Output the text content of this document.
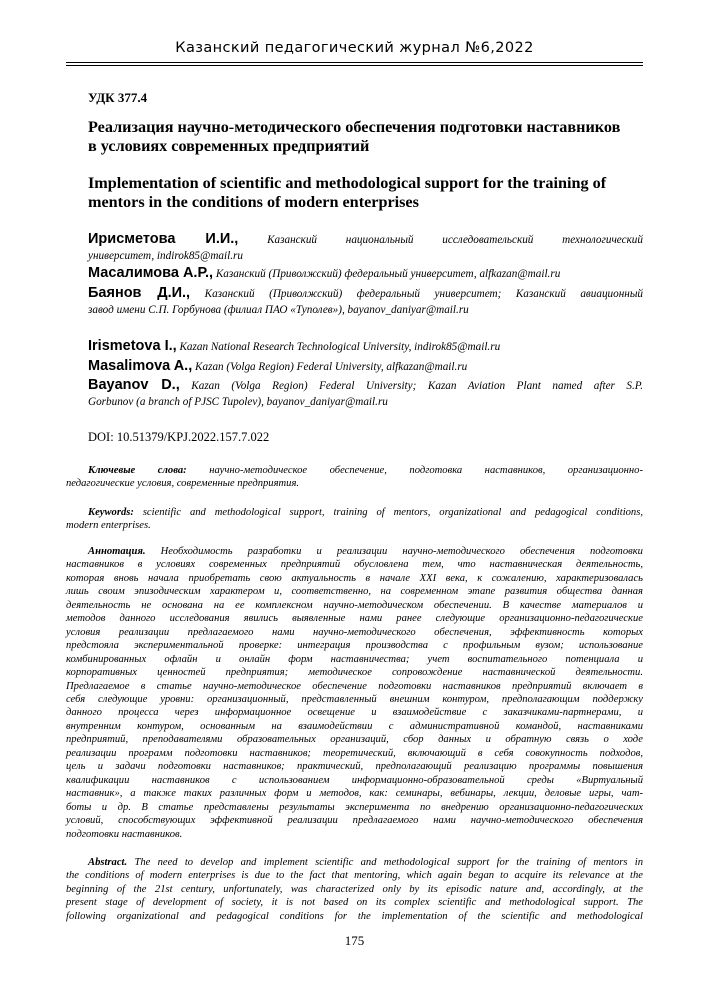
Казанский педагогический журнал №6,2022
УДК 377.4
Реализация научно-методического обеспечения подготовки наставников
в условиях современных предприятий
Implementation of scientific and methodological support for the training of
mentors in the conditions of modern enterprises
Ирисметова И.И.,	Казанский национальный исследовательский технологический
университет, indirok85@mail.ru
Масалимова А.Р., Казанский (Приволжский) федеральный университет, alfkazan@mail.ru
Баянов Д.И., Казанский (Приволжский) федеральный университет; Казанский авиационный
завод имени С.П. Горбунова (филиал ПАО «Туполев»), bayanov_daniyar@mail.ru
Irismetova I., Kazan National Research Technological University, indirok85@mail.ru
Masalimova A., Kazan (Volga Region) Federal University, alfkazan@mail.ru
Bayanov D., Kazan (Volga Region) Federal University; Kazan Aviation Plant named after S.P.
Gorbunov (a branch of PJSC Tupolev), bayanov_daniyar@mail.ru
DOI: 10.51379/KPJ.2022.157.7.022
Ключевые слова: научно-методическое обеспечение, подготовка наставников, организационно-
педагогические условия, современные предприятия.
Keywords: scientific and methodological support, training of mentors, organizational and pedagogical conditions,
modern enterprises.
Аннотация. Необходимость разработки и реализации научно-методического обеспечения подготовки
наставников в условиях современных предприятий обусловлена тем, что наставническая деятельность,
которая вновь начала приобретать свою актуальность в начале XXI века, к сожалению, характеризовалась
лишь своим эпизодическим характером и, соответственно, на современном этапе развития общества данная
деятельность не основана на ее комплексном научно-методическом обеспечении. В качестве материалов и
методов данного исследования явились выявленные нами ранее следующие организационно-педагогические
условия реализации предлагаемого нами научно-методического обеспечения, эффективность которых
предстояла экспериментальной проверке: интеграция производства с профильным вузом; использование
комбинированных офлайн и онлайн форм наставничества; учет воспитательного потенциала и
корпоративных ценностей предприятия; методическое сопровождение наставнической деятельности.
Предлагаемое в статье научно-методическое обеспечение подготовки наставников предприятий включает в
себя следующие уровни: организационный, представленный внешним контуром, предполагающим поддержку
данного процесса через информационное освещение и взаимодействие с заказчиками-партнерами, и
внутренним контуром, основанным на взаимодействии с административной командой, наставниками
предприятий, преподавателями образовательных организаций, сбор данных и обратную связь о ходе
реализации программ подготовки наставников; теоретический, включающий в себя совокупность подходов,
цель и задачи подготовки наставников; практический, предполагающий реализацию программы повышения
квалификации наставников с использованием информационно-образовательной среды «Виртуальный
наставник», а также таких различных форм и методов, как: семинары, вебинары, лекции, деловые игры, чат-
боты и др. В статье представлены результаты эксперимента по внедрению организационно-педагогических
условий, способствующих эффективной реализации предлагаемого нами научно-методического обеспечения
подготовки наставников.
Abstract. The need to develop and implement scientific and methodological support for the training of mentors in
the conditions of modern enterprises is due to the fact that mentoring, which again began to acquire its relevance at the
beginning of the 21st century, unfortunately, was characterized only by its episodic nature and, accordingly, at the
present stage of development of society, it is not based on its complex scientific and methodological support. The
following organizational and pedagogical conditions for the implementation of the scientific and methodological
175
